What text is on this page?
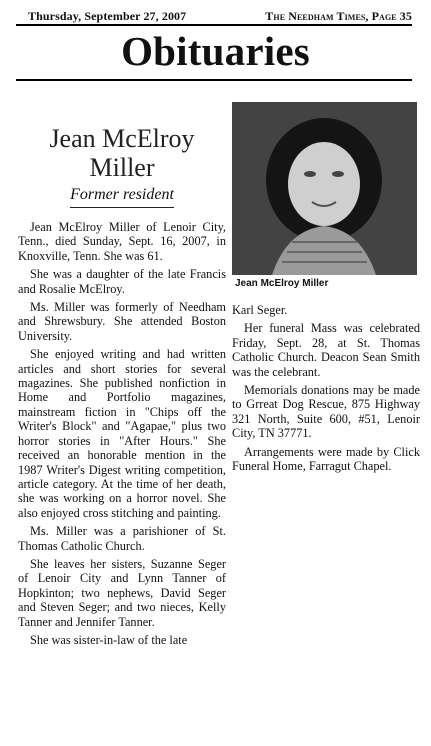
Thursday, September 27, 2007	The Needham Times, Page 35
Obituaries
Jean McElroy
Miller
Former resident

Jean McElroy Miller of Lenoir City, Tenn., died Sunday, Sept. 16, 2007, in Knoxville, Tenn. She was 61.

She was a daughter of the late Francis and Rosalie McElroy.

Ms. Miller was formerly of Needham and Shrewsbury. She attended Boston University.

She enjoyed writing and had written articles and short stories for several magazines. She published nonfiction in Home and Portfolio magazines, mainstream fiction in "Chips off the Writer's Block" and "Agapae," plus two horror stories in "After Hours." She received an honorable mention in the 1987 Writer's Digest writing competition, article category. At the time of her death, she was working on a horror novel. She also enjoyed cross stitching and painting.

Ms. Miller was a parishioner of St. Thomas Catholic Church.

She leaves her sisters, Suzanne Seger of Lenoir City and Lynn Tanner of Hopkinton; two nephews, David Seger and Steven Seger; and two nieces, Kelly Tanner and Jennifer Tanner.

She was sister-in-law of the late

Jean McElroy Miller

Karl Seger.

Her funeral Mass was celebrated Friday, Sept. 28, at St. Thomas Catholic Church. Deacon Sean Smith was the celebrant.

Memorials donations may be made to Grreat Dog Rescue, 875 Highway 321 North, Suite 600, #51, Lenoir City, TN 37771.

Arrangements were made by Click Funeral Home, Farragut Chapel.
